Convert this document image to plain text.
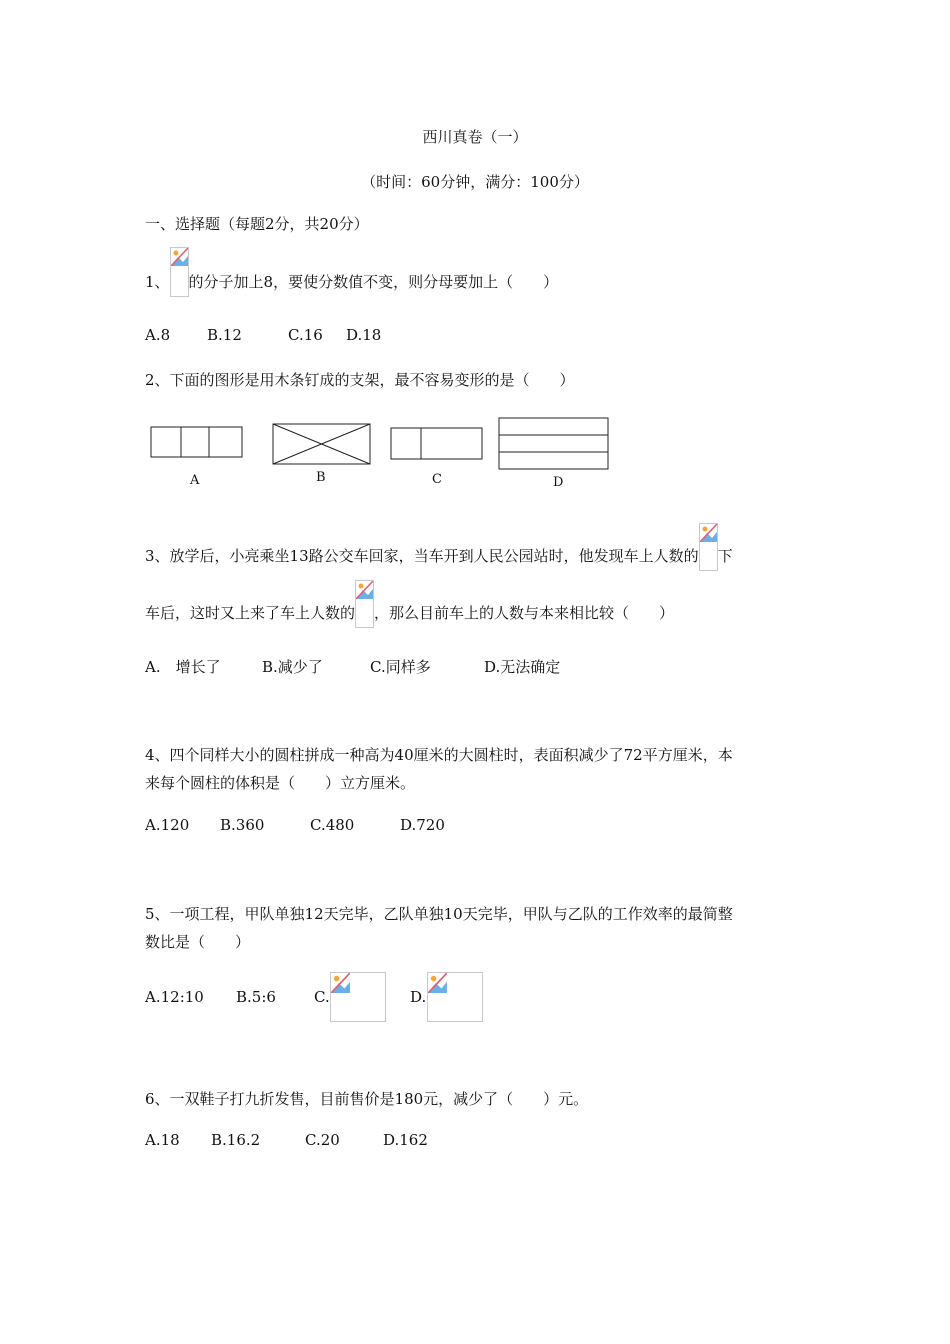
西川真卷（一）
（时间：60分钟，满分：100分）
一、选择题（每题2分，共20分）
1、 的分子加上8，要使分数值不变，则分母要加上（　　）
A.8 B.12	C.16 D.18
2、下面的图形是用木条钉成的支架，最不容易变形的是（　　）
A	B	C	D
3、放学后，小亮乘坐13路公交车回家，当车开到人民公园站时，他发现车上人数的 下
车后，这时又上来了车上人数的 ，那么目前车上的人数与本来相比较（　　）
A.　增长了	B.减少了	C.同样多	D.无法确定
4、四个同样大小的圆柱拼成一种高为40厘米的大圆柱时，表面积减少了72平方厘米，本
来每个圆柱的体积是（　　）立方厘米。
A.120 B.360	C.480	D.720
5、一项工程，甲队单独12天完毕，乙队单独10天完毕，甲队与乙队的工作效率的最简整
数比是（　　）
A.12:10 B.5:6	C.	D.
6、一双鞋子打九折发售，目前售价是180元，减少了（　　）元。
A.18 B.16.2	C.20	D.162
